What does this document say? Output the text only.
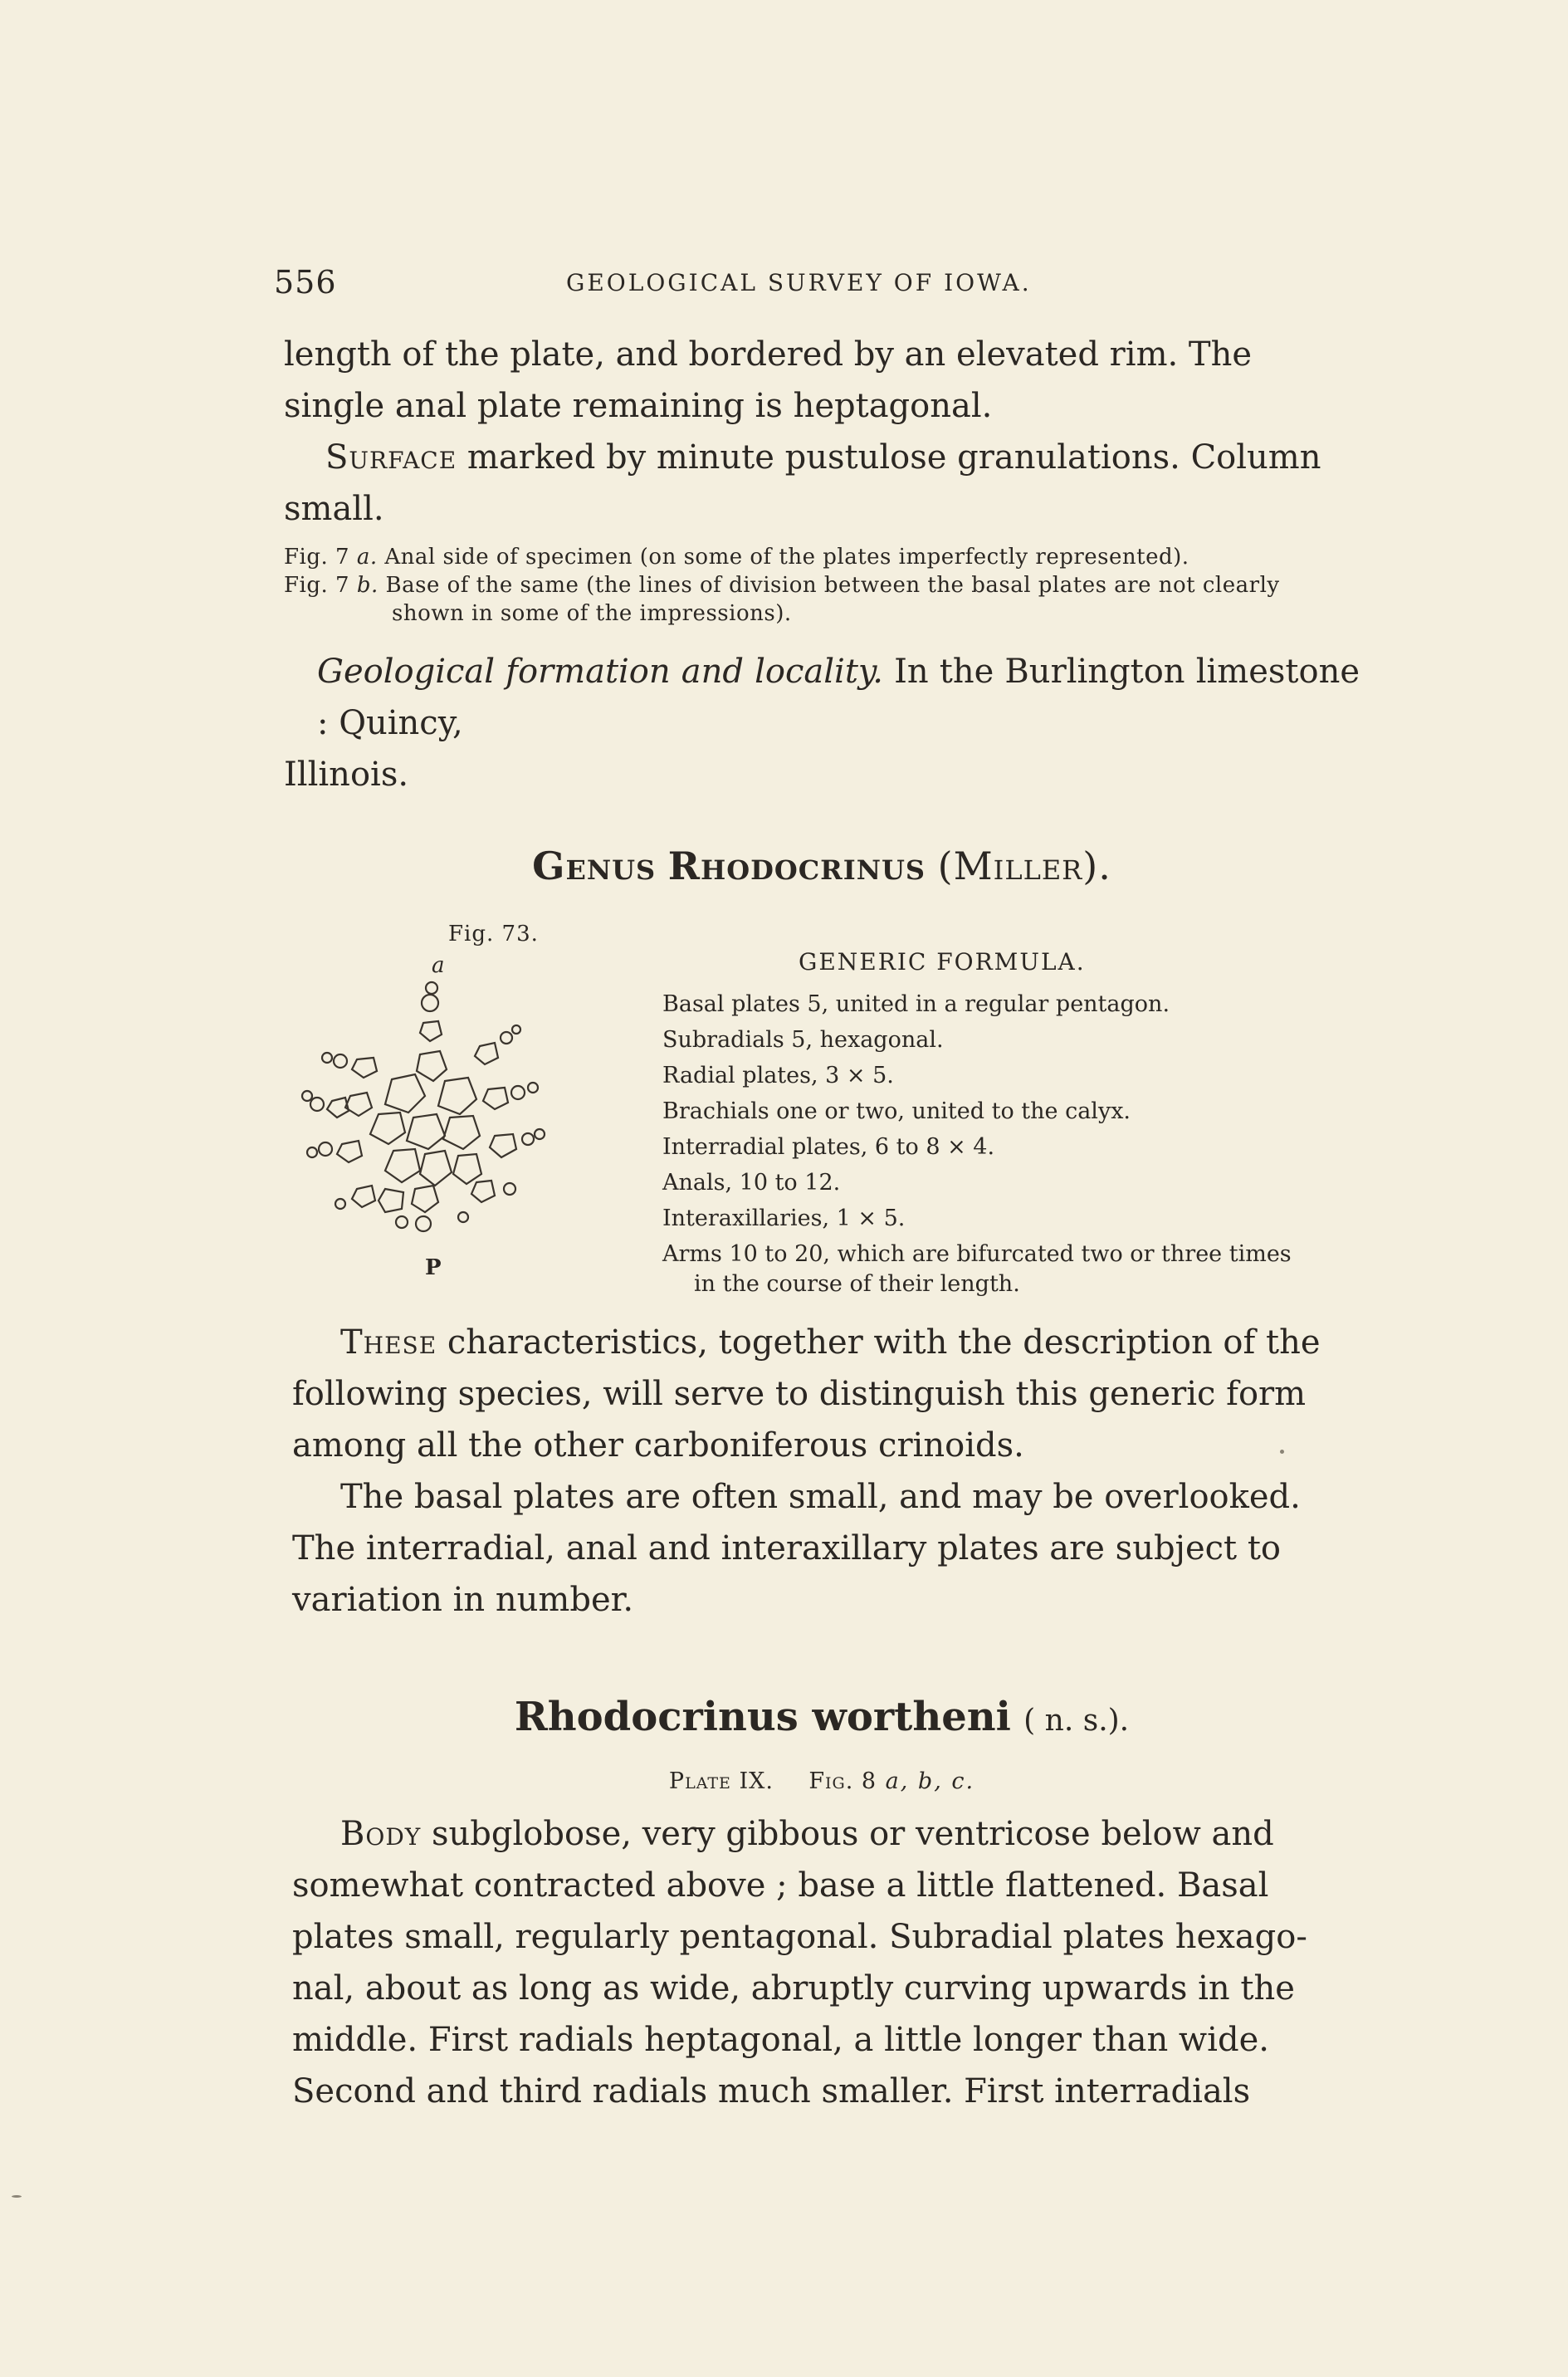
556	GEOLOGICAL SURVEY OF IOWA.
length of the plate, and bordered by an elevated rim. The
single anal plate remaining is heptagonal.
Surface marked by minute pustulose granulations. Column
small.
Fig. 7 a. Anal side of specimen (on some of the plates imperfectly represented).
Fig. 7 b. Base of the same (the lines of division between the basal plates are not clearly
shown in some of the impressions).
Geological formation and locality. In the Burlington limestone : Quincy,
Illinois.
Genus Rhodocrinus (Miller).
Fig. 73.
a
P
GENERIC FORMULA.
Basal plates 5, united in a regular pentagon.
Subradials 5, hexagonal.
Radial plates, 3 × 5.
Brachials one or two, united to the calyx.
Interradial plates, 6 to 8 × 4.
Anals, 10 to 12.
Interaxillaries, 1 × 5.
Arms 10 to 20, which are bifurcated two or three times
in the course of their length.
These characteristics, together with the description of the
following species, will serve to distinguish this generic form
among all the other carboniferous crinoids.
The basal plates are often small, and may be overlooked.
The interradial, anal and interaxillary plates are subject to
variation in number.
Rhodocrinus wortheni ( n. s.).
Plate IX. Fig. 8 a, b, c.
Body subglobose, very gibbous or ventricose below and
somewhat contracted above ; base a little flattened. Basal
plates small, regularly pentagonal. Subradial plates hexago-
nal, about as long as wide, abruptly curving upwards in the
middle. First radials heptagonal, a little longer than wide.
Second and third radials much smaller. First interradials
